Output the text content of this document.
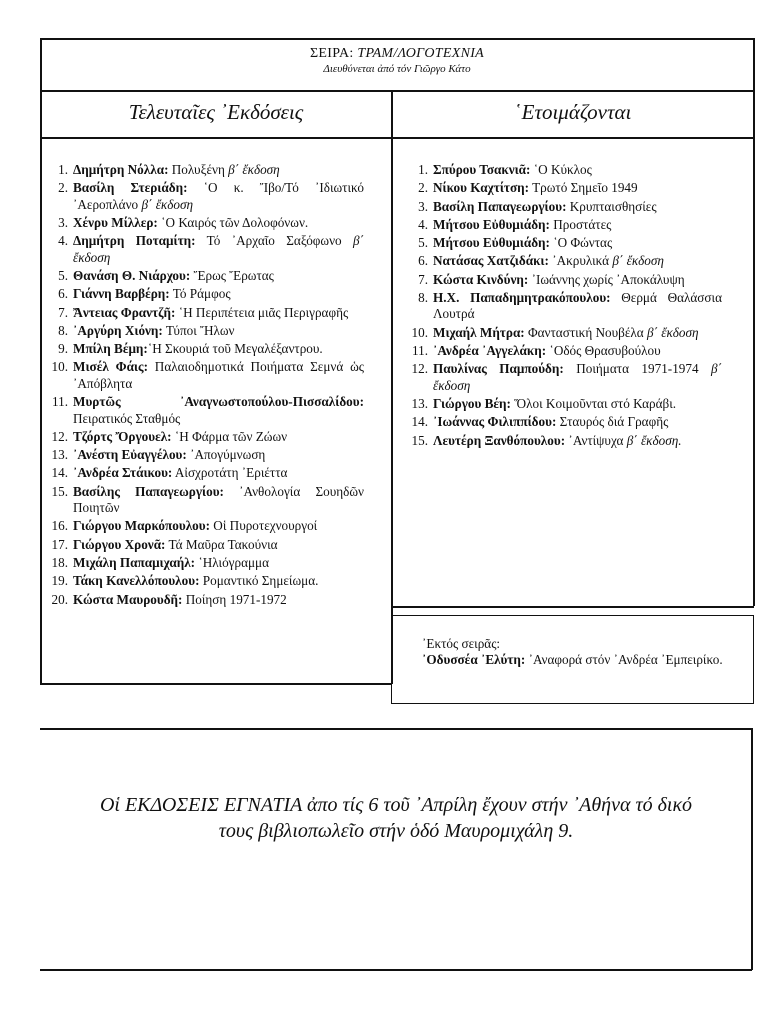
ΣΕΙΡΑ: ΤΡΑΜ/ΛΟΓΟΤΕΧΝΙΑ
Διευθύνεται ἀπό τόν Γιῶργο Κάτο
Τελευταῖες ᾿Εκδόσεις	῾Ετοιμάζονται
1. Δημήτρη Νόλλα: Πολυξένη β΄ ἔκδοση
2. Βασίλη Στεριάδη: ῾Ο κ. Ἴβο/Τό ᾿Ιδιωτικό ᾿Αεροπλάνο β΄ ἔκδοση
3. Χένρυ Μίλλερ: ῾Ο Καιρός τῶν Δολοφόνων.
4. Δημήτρη Ποταμίτη: Τό ᾿Αρχαῖο Σαξόφωνο β΄ ἔκδοση
5. Θανάση Θ. Νιάρχου: Ἔρως Ἔρωτας
6. Γιάννη Βαρβέρη: Τό Ράμφος
7. Ἄντειας Φραντζῆ: ῾Η Περιπέτεια μιᾶς Περιγραφῆς
8. ᾿Αργύρη Χιόνη: Τύποι Ἤλων
9. Μπίλη Βέμη:῾Η Σκουριά τοῦ Μεγαλέξαντρου.
10. Μισέλ Φάις: Παλαιοδημοτικά Ποιήματα Σεμνά ὡς ᾿Απόβλητα
11. Μυρτῶς ᾿Αναγνωστοπούλου-Πισσαλίδου: Πειρατικός Σταθμός
12. Τζόρτς Ὄργουελ: ῾Η Φάρμα τῶν Ζώων
13. ᾿Ανέστη Εὐαγγέλου: ᾿Απογύμνωση
14. ᾿Ανδρέα Στάικου: Αἰσχροτάτη ᾿Εριέττα
15. Βασίλης Παπαγεωργίου: ᾿Ανθολογία Σουηδῶν Ποιητῶν
16. Γιώργου Μαρκόπουλου: Οἱ Πυροτεχνουργοί
17. Γιώργου Χρονᾶ: Τά Μαῦρα Τακούνια
18. Μιχάλη Παπαμιχαήλ: ῾Ηλιόγραμμα
19. Τάκη Κανελλόπουλου: Ρομαντικό Σημείωμα.
20. Κώστα Μαυρουδῆ: Ποίηση 1971-1972
1. Σπύρου Τσακνιᾶ: ῾Ο Κύκλος
2. Νίκου Καχτίτση: Τρωτό Σημεῖο 1949
3. Βασίλη Παπαγεωργίου: Κρυπταισθησίες
4. Μήτσου Εὐθυμιάδη: Προστάτες
5. Μήτσου Εὐθυμιάδη: ῾Ο Φώντας
6. Νατάσας Χατζιδάκι: ᾿Ακρυλικά β΄ ἔκδοση
7. Κώστα Κινδύνη: ᾿Ιωάννης χωρίς ᾿Αποκάλυψη
8. Η.Χ. Παπαδημητρακόπουλου: Θερμά Θαλάσσια Λουτρά
10. Μιχαήλ Μήτρα: Φανταστική Νουβέλα β΄ ἔκδοση
11. ᾿Ανδρέα ᾿Αγγελάκη: ῾Οδός Θρασυβούλου
12. Παυλίνας Παμπούδη: Ποιήματα 1971-1974 β΄ ἔκδοση
13. Γιώργου Βέη: Ὅλοι Κοιμοῦνται στό Καράβι.
14. ᾿Ιωάννας Φιλιππίδου: Σταυρός διά Γραφῆς
15. Λευτέρη Ξανθόπουλου: ᾿Αντίψυχα β΄ ἔκδοση.
᾿Εκτός σειρᾶς:
᾿Οδυσσέα ᾿Ελύτη: ᾿Αναφορά στόν ᾿Ανδρέα ᾿Εμπειρίκο.
Οἱ ΕΚΔΟΣΕΙΣ ΕΓΝΑΤΙΑ ἀπο τίς 6 τοῦ ᾿Απρίλη ἔχουν στήν ᾿Αθήνα τό δικό τους βιβλιοπωλεῖο στήν ὁδό Μαυρομιχάλη 9.
